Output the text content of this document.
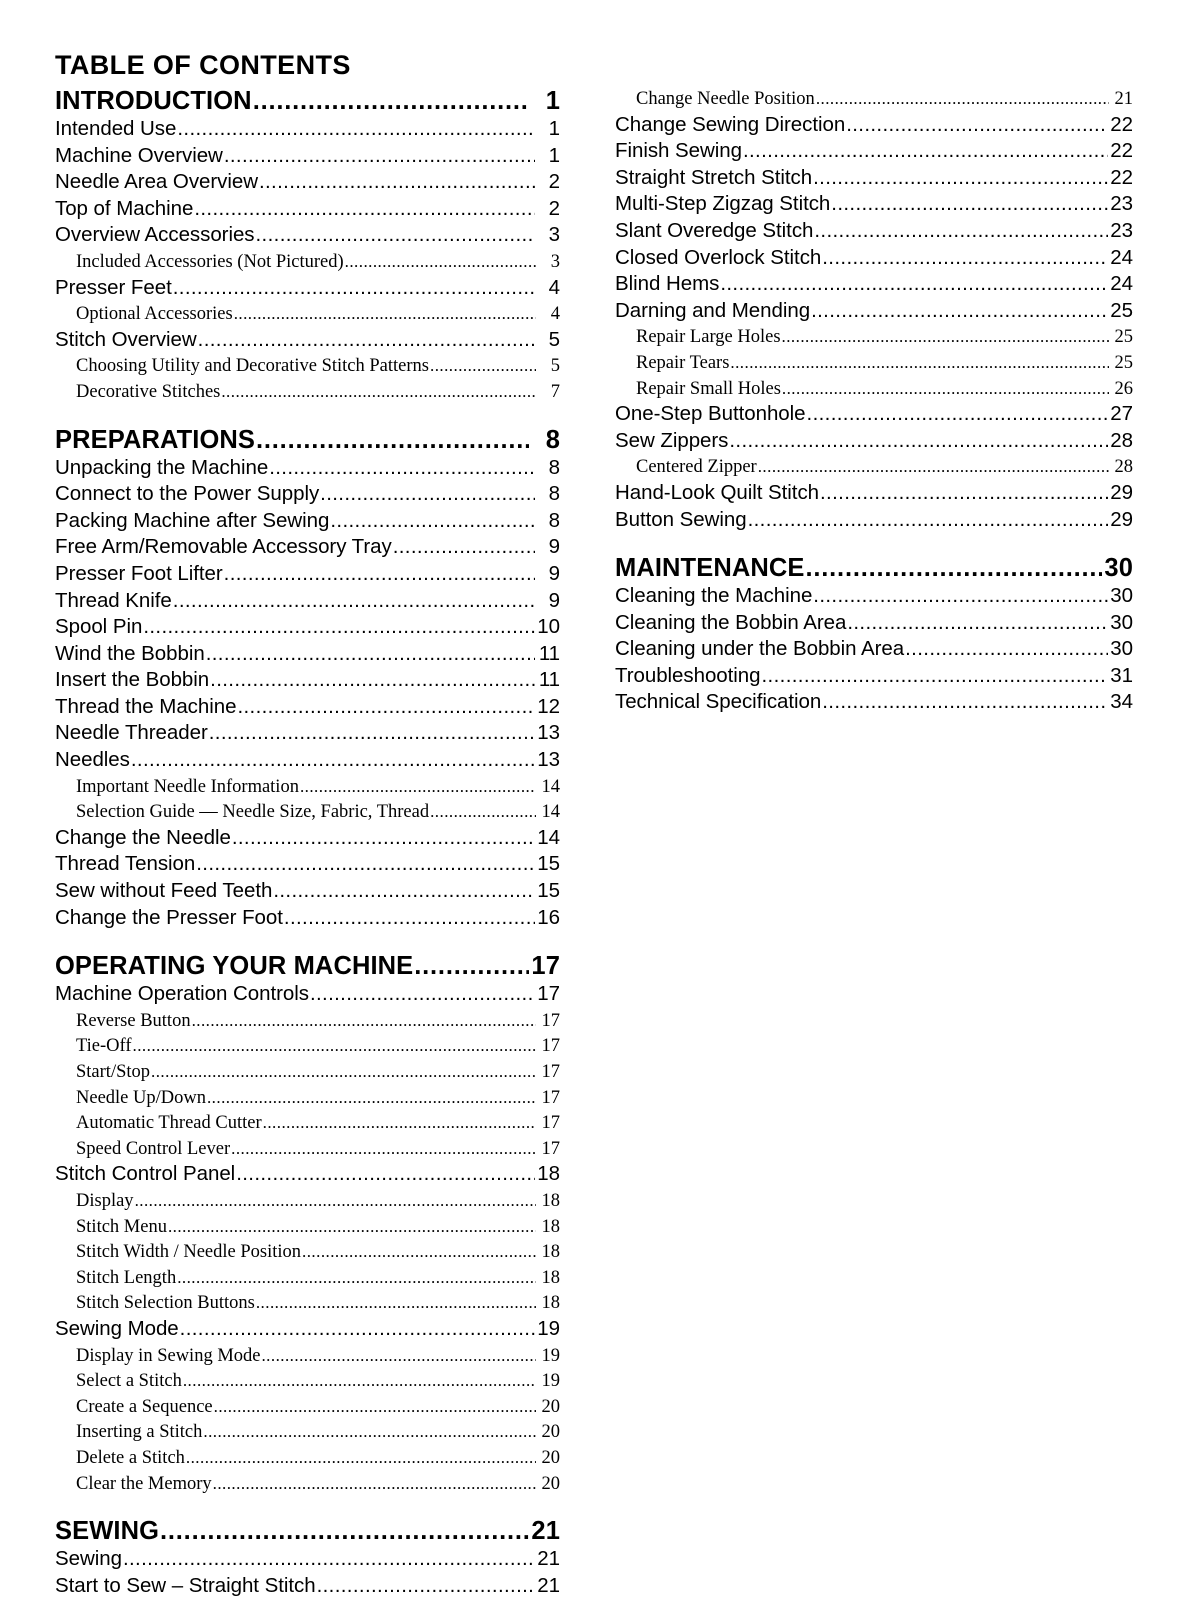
TABLE OF CONTENTS
INTRODUCTION .....	1
Intended Use .....	1
Machine Overview .....	1
Needle Area Overview .....	2
Top of Machine .....	2
Overview Accessories .....	3
Included Accessories (Not Pictured) .....	3
Presser Feet .....	4
Optional Accessories .....	4
Stitch Overview .....	5
Choosing Utility and Decorative Stitch Patterns .....	5
Decorative Stitches .....	7
PREPARATIONS .....	8
Unpacking the Machine .....	8
Connect to the Power Supply .....	8
Packing Machine after Sewing .....	8
Free Arm/Removable Accessory Tray .....	9
Presser Foot Lifter .....	9
Thread Knife .....	9
Spool Pin .....	10
Wind the Bobbin .....	11
Insert the Bobbin .....	11
Thread the Machine .....	12
Needle Threader .....	13
Needles .....	13
Important Needle Information .....	14
Selection Guide — Needle Size, Fabric, Thread .....	14
Change the Needle .....	14
Thread Tension .....	15
Sew without Feed Teeth .....	15
Change the Presser Foot .....	16
OPERATING YOUR MACHINE .....	17
Machine Operation Controls .....	17
Reverse Button .....	17
Tie-Off .....	17
Start/Stop .....	17
Needle Up/Down .....	17
Automatic Thread Cutter .....	17
Speed Control Lever .....	17
Stitch Control Panel .....	18
Display .....	18
Stitch Menu .....	18
Stitch Width / Needle Position .....	18
Stitch Length .....	18
Stitch Selection Buttons .....	18
Sewing Mode .....	19
Display in Sewing Mode .....	19
Select a Stitch .....	19
Create a Sequence .....	20
Inserting a Stitch .....	20
Delete a Stitch .....	20
Clear the Memory .....	20
SEWING .....	21
Sewing .....	21
Start to Sew – Straight Stitch .....	21
Change Needle Position .....	21
Change Sewing Direction .....	22
Finish Sewing .....	22
Straight Stretch Stitch .....	22
Multi-Step Zigzag Stitch .....	23
Slant Overedge Stitch .....	23
Closed Overlock Stitch .....	24
Blind Hems .....	24
Darning and Mending .....	25
Repair Large Holes .....	25
Repair Tears .....	25
Repair Small Holes .....	26
One-Step Buttonhole .....	27
Sew Zippers .....	28
Centered Zipper .....	28
Hand-Look Quilt Stitch .....	29
Button Sewing .....	29
MAINTENANCE .....	30
Cleaning the Machine .....	30
Cleaning the Bobbin Area .....	30
Cleaning under the Bobbin Area .....	30
Troubleshooting .....	31
Technical Specification .....	34
